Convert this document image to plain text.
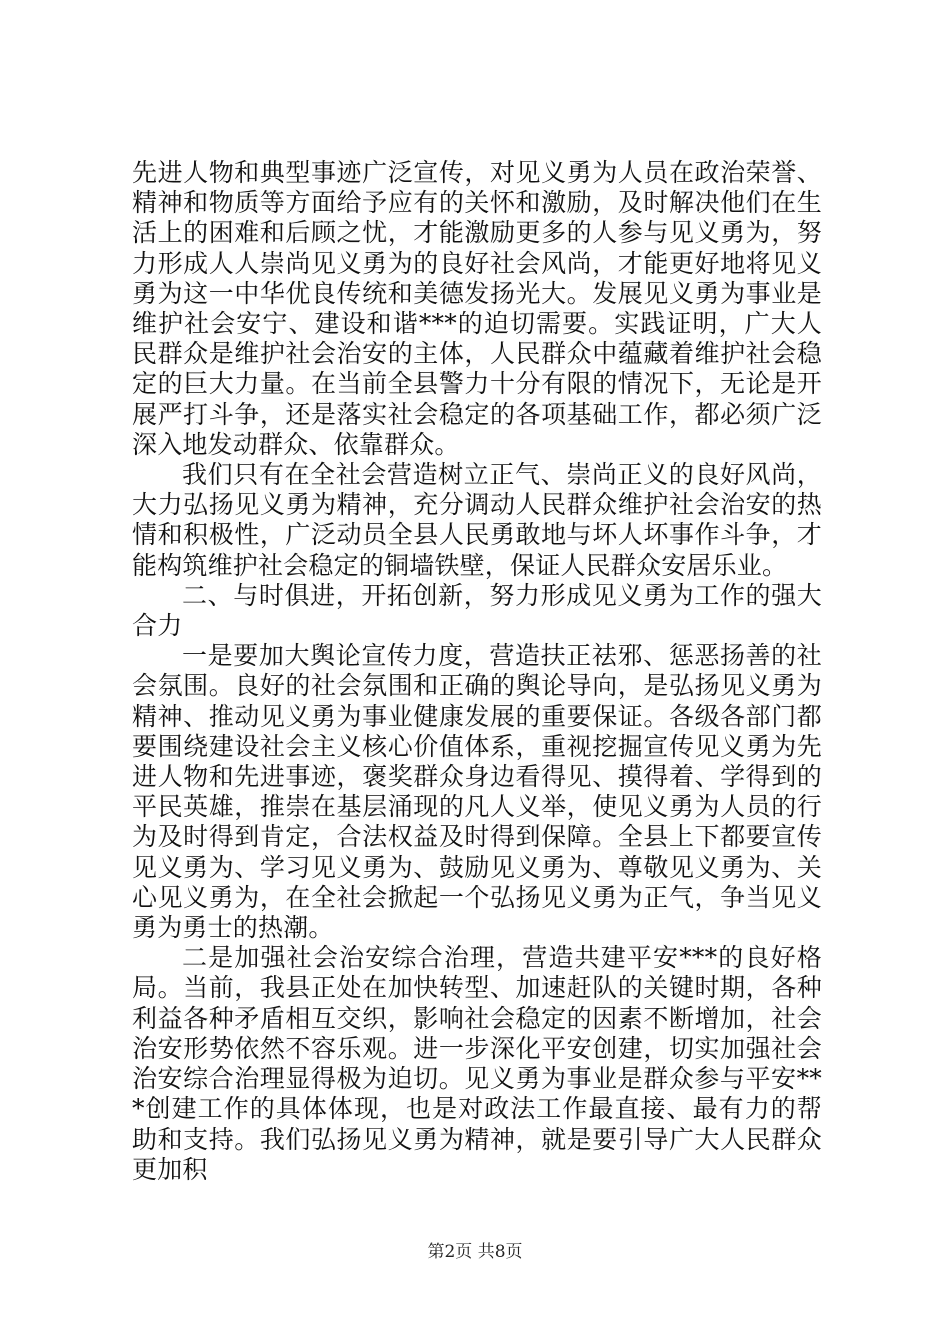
先进人物和典型事迹广泛宣传，对见义勇为人员在政治荣誉、精神和物质等方面给予应有的关怀和激励，及时解决他们在生活上的困难和后顾之忧，才能激励更多的人参与见义勇为，努力形成人人崇尚见义勇为的良好社会风尚，才能更好地将见义勇为这一中华优良传统和美德发扬光大。发展见义勇为事业是维护社会安宁、建设和谐***的迫切需要。实践证明，广大人民群众是维护社会治安的主体，人民群众中蕴藏着维护社会稳定的巨大力量。在当前全县警力十分有限的情况下，无论是开展严打斗争，还是落实社会稳定的各项基础工作，都必须广泛深入地发动群众、依靠群众。

我们只有在全社会营造树立正气、崇尚正义的良好风尚，大力弘扬见义勇为精神，充分调动人民群众维护社会治安的热情和积极性，广泛动员全县人民勇敢地与坏人坏事作斗争，才能构筑维护社会稳定的铜墙铁壁，保证人民群众安居乐业。

二、与时俱进，开拓创新，努力形成见义勇为工作的强大合力

一是要加大舆论宣传力度，营造扶正祛邪、惩恶扬善的社会氛围。良好的社会氛围和正确的舆论导向，是弘扬见义勇为精神、推动见义勇为事业健康发展的重要保证。各级各部门都要围绕建设社会主义核心价值体系，重视挖掘宣传见义勇为先进人物和先进事迹，褒奖群众身边看得见、摸得着、学得到的平民英雄，推崇在基层涌现的凡人义举，使见义勇为人员的行为及时得到肯定，合法权益及时得到保障。全县上下都要宣传见义勇为、学习见义勇为、鼓励见义勇为、尊敬见义勇为、关心见义勇为，在全社会掀起一个弘扬见义勇为正气，争当见义勇为勇士的热潮。

二是加强社会治安综合治理，营造共建平安***的良好格局。当前，我县正处在加快转型、加速赶队的关键时期，各种利益各种矛盾相互交织，影响社会稳定的因素不断增加，社会治安形势依然不容乐观。进一步深化平安创建，切实加强社会治安综合治理显得极为迫切。见义勇为事业是群众参与平安***创建工作的具体体现，也是对政法工作最直接、最有力的帮助和支持。我们弘扬见义勇为精神，就是要引导广大人民群众更加积

第2页 共8页
